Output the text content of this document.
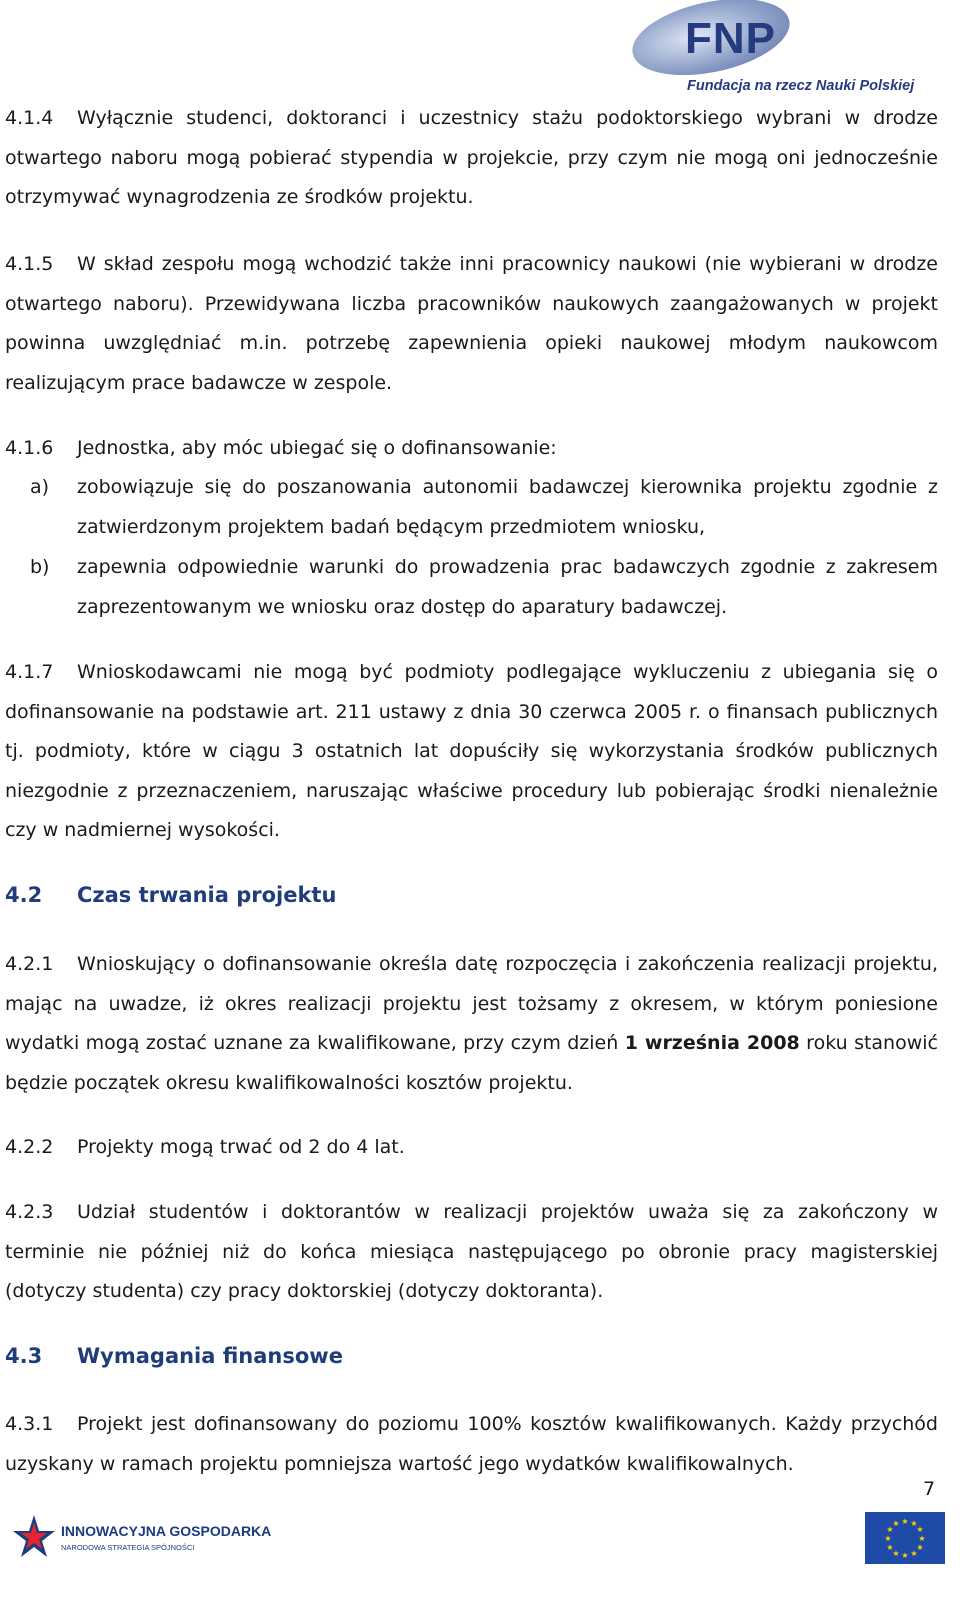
FNP
Fundacja na rzecz Nauki Polskiej

4.1.4 Wyłącznie studenci, doktoranci i uczestnicy stażu podoktorskiego wybrani w drodze otwartego naboru mogą pobierać stypendia w projekcie, przy czym nie mogą oni jednocześnie otrzymywać wynagrodzenia ze środków projektu.

4.1.5 W skład zespołu mogą wchodzić także inni pracownicy naukowi (nie wybierani w drodze otwartego naboru). Przewidywana liczba pracowników naukowych zaangażowanych w projekt powinna uwzględniać m.in. potrzebę zapewnienia opieki naukowej młodym naukowcom realizującym prace badawcze w zespole.

4.1.6 Jednostka, aby móc ubiegać się o dofinansowanie:

a) zobowiązuje się do poszanowania autonomii badawczej kierownika projektu zgodnie z zatwierdzonym projektem badań będącym przedmiotem wniosku,
b) zapewnia odpowiednie warunki do prowadzenia prac badawczych zgodnie z zakresem zaprezentowanym we wniosku oraz dostęp do aparatury badawczej.

4.1.7 Wnioskodawcami nie mogą być podmioty podlegające wykluczeniu z ubiegania się o dofinansowanie na podstawie art. 211 ustawy z dnia 30 czerwca 2005 r. o finansach publicznych tj. podmioty, które w ciągu 3 ostatnich lat dopuściły się wykorzystania środków publicznych niezgodnie z przeznaczeniem, naruszając właściwe procedury lub pobierając środki nienależnie czy w nadmiernej wysokości.

4.2 Czas trwania projektu

4.2.1 Wnioskujący o dofinansowanie określa datę rozpoczęcia i zakończenia realizacji projektu, mając na uwadze, iż okres realizacji projektu jest tożsamy z okresem, w którym poniesione wydatki mogą zostać uznane za kwalifikowane, przy czym dzień 1 września 2008 roku stanowić będzie początek okresu kwalifikowalności kosztów projektu.

4.2.2 Projekty mogą trwać od 2 do 4 lat.

4.2.3 Udział studentów i doktorantów w realizacji projektów uważa się za zakończony w terminie nie później niż do końca miesiąca następującego po obronie pracy magisterskiej (dotyczy studenta) czy pracy doktorskiej (dotyczy doktoranta).

4.3 Wymagania finansowe

4.3.1 Projekt jest dofinansowany do poziomu 100% kosztów kwalifikowanych. Każdy przychód uzyskany w ramach projektu pomniejsza wartość jego wydatków kwalifikowalnych.

7
INNOWACYJNA GOSPODARKA
NARODOWA STRATEGIA SPÓJNOŚCI
★ ★
★
★
★
★
★
★
★
★
★
★
